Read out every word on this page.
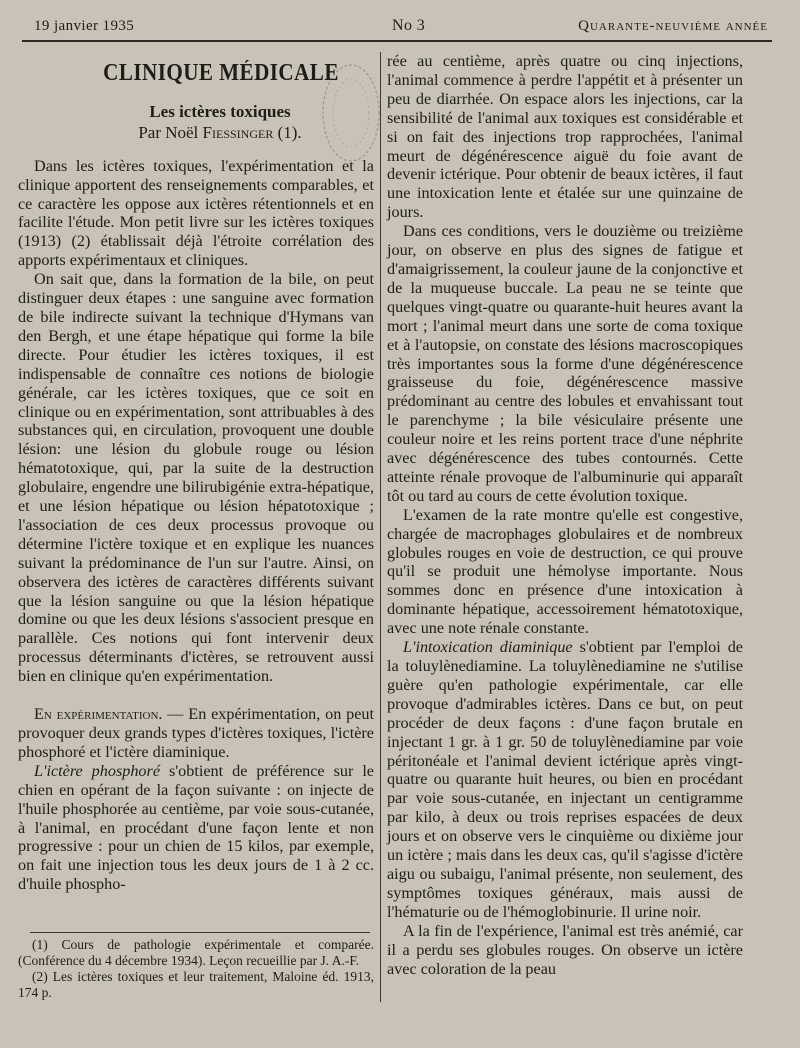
19 janvier 1935	No 3	Quarante-neuvième année
CLINIQUE MÉDICALE
Les ictères toxiques
Par Noël Fiessinger (1).

Dans les ictères toxiques, l'expérimentation et la clinique apportent des renseignements comparables, et ce caractère les oppose aux ictères rétentionnels et en facilite l'étude. Mon petit livre sur les ictères toxiques (1913) (2) établissait déjà l'étroite corrélation des apports expérimentaux et cliniques.

On sait que, dans la formation de la bile, on peut distinguer deux étapes : une sanguine avec formation de bile indirecte suivant la technique d'Hymans van den Bergh, et une étape hépatique qui forme la bile directe. Pour étudier les ictères toxiques, il est indispensable de connaître ces notions de biologie générale, car les ictères toxiques, que ce soit en clinique ou en expérimentation, sont attribuables à des substances qui, en circulation, provoquent une double lésion: une lésion du globule rouge ou lésion hématotoxique, qui, par la suite de la destruction globulaire, engendre une bilirubigénie extra-hépatique, et une lésion hépatique ou lésion hépatotoxique ; l'association de ces deux processus provoque ou détermine l'ictère toxique et en explique les nuances suivant la prédominance de l'un sur l'autre. Ainsi, on observera des ictères de caractères différents suivant que la lésion sanguine ou que la lésion hépatique domine ou que les deux lésions s'associent presque en parallèle. Ces notions qui font intervenir deux processus déterminants d'ictères, se retrouvent aussi bien en clinique qu'en expérimentation.

En expérimentation. — En expérimentation, on peut provoquer deux grands types d'ictères toxiques, l'ictère phosphoré et l'ictère diaminique.

L'ictère phosphoré s'obtient de préférence sur le chien en opérant de la façon suivante : on injecte de l'huile phosphorée au centième, par voie sous-cutanée, à l'animal, en procédant d'une façon lente et non progressive : pour un chien de 15 kilos, par exemple, on fait une injection tous les deux jours de 1 à 2 cc. d'huile phospho-

(1) Cours de pathologie expérimentale et comparée. (Conférence du 4 décembre 1934). Leçon recueillie par J. A.-F.

(2) Les ictères toxiques et leur traitement, Maloine éd. 1913, 174 p.

rée au centième, après quatre ou cinq injections, l'animal commence à perdre l'appétit et à présenter un peu de diarrhée. On espace alors les injections, car la sensibilité de l'animal aux toxiques est considérable et si on fait des injections trop rapprochées, l'animal meurt de dégénérescence aiguë du foie avant de devenir ictérique. Pour obtenir de beaux ictères, il faut une intoxication lente et étalée sur une quinzaine de jours.

Dans ces conditions, vers le douzième ou treizième jour, on observe en plus des signes de fatigue et d'amaigrissement, la couleur jaune de la conjonctive et de la muqueuse buccale. La peau ne se teinte que quelques vingt-quatre ou quarante-huit heures avant la mort ; l'animal meurt dans une sorte de coma toxique et à l'autopsie, on constate des lésions macroscopiques très importantes sous la forme d'une dégénérescence graisseuse du foie, dégénérescence massive prédominant au centre des lobules et envahissant tout le parenchyme ; la bile vésiculaire présente une couleur noire et les reins portent trace d'une néphrite avec dégénérescence des tubes contournés. Cette atteinte rénale provoque de l'albuminurie qui apparaît tôt ou tard au cours de cette évolution toxique.

L'examen de la rate montre qu'elle est congestive, chargée de macrophages globulaires et de nombreux globules rouges en voie de destruction, ce qui prouve qu'il se produit une hémolyse importante. Nous sommes donc en présence d'une intoxication à dominante hépatique, accessoirement hématotoxique, avec une note rénale constante.

L'intoxication diaminique s'obtient par l'emploi de la toluylènediamine. La toluylènediamine ne s'utilise guère qu'en pathologie expérimentale, car elle provoque d'admirables ictères. Dans ce but, on peut procéder de deux façons : d'une façon brutale en injectant 1 gr. à 1 gr. 50 de toluylènediamine par voie péritonéale et l'animal devient ictérique après vingt-quatre ou quarante huit heures, ou bien en procédant par voie sous-cutanée, en injectant un centigramme par kilo, à deux ou trois reprises espacées de deux jours et on observe vers le cinquième ou dixième jour un ictère ; mais dans les deux cas, qu'il s'agisse d'ictère aigu ou subaigu, l'animal présente, non seulement, des symptômes toxiques généraux, mais aussi de l'hématurie ou de l'hémoglobinurie. Il urine noir.

A la fin de l'expérience, l'animal est très anémié, car il a perdu ses globules rouges. On observe un ictère avec coloration de la peau
